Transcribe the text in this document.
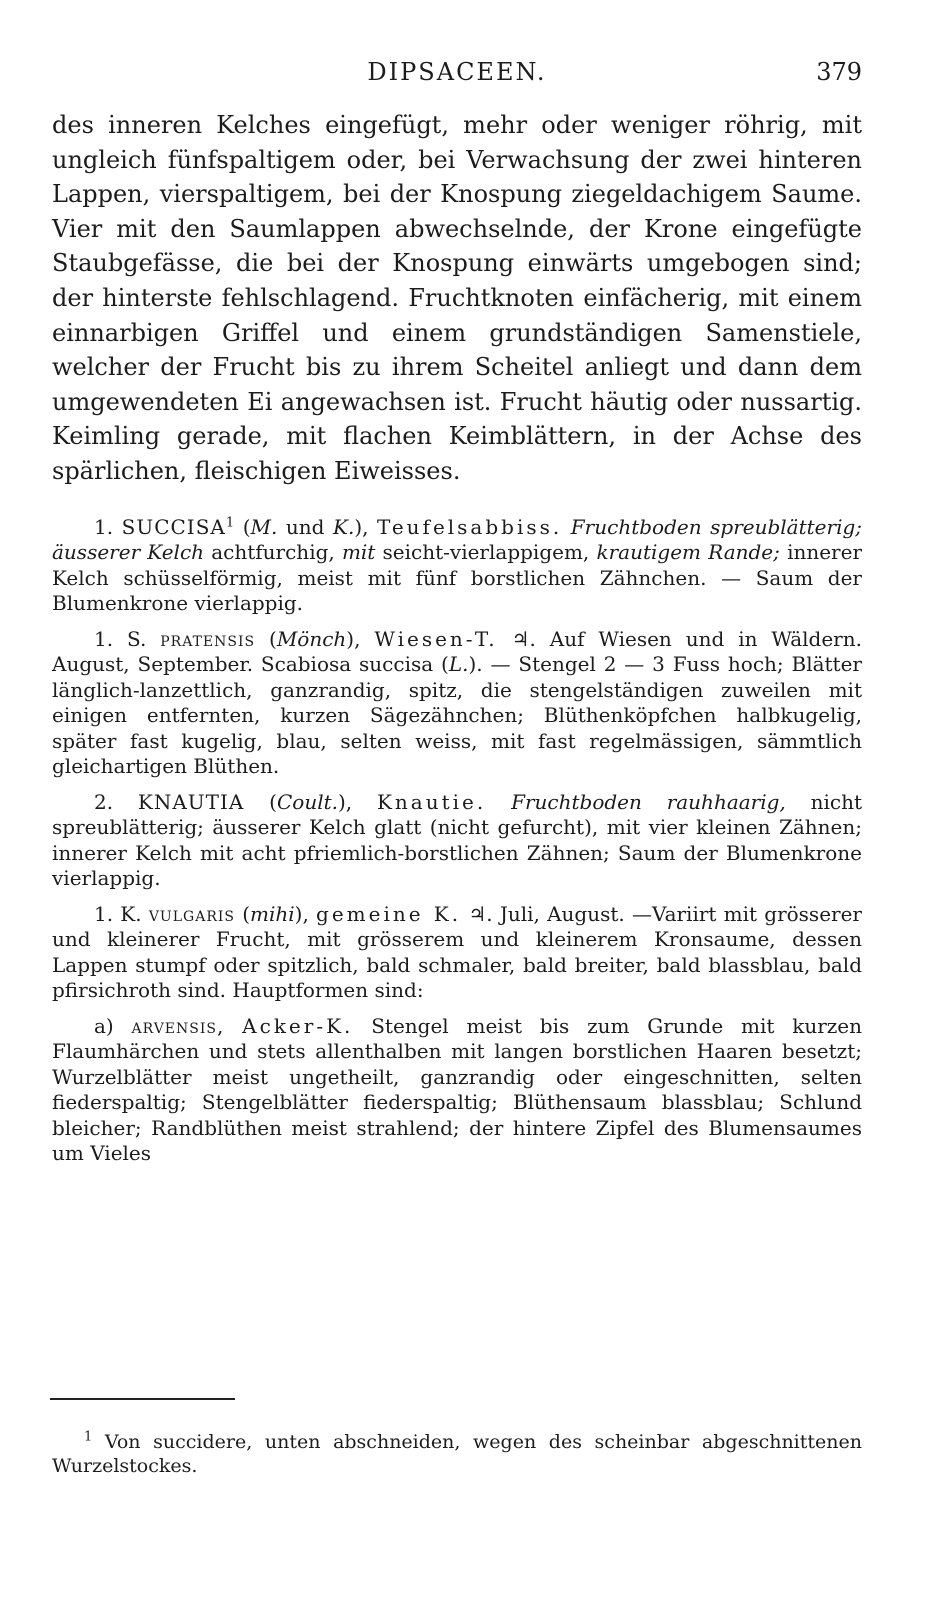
DIPSACEEN.	379

des inneren Kelches eingefügt, mehr oder weniger röhrig, mit ungleich fünfspaltigem oder, bei Verwachsung der zwei hinteren Lappen, vierspaltigem, bei der Knospung ziegeldachigem Saume. Vier mit den Saumlappen abwechselnde, der Krone eingefügte Staubgefässe, die bei der Knospung einwärts umgebogen sind; der hinterste fehlschlagend. Fruchtknoten einfächerig, mit einem einnarbigen Griffel und einem grundständigen Samenstiele, welcher der Frucht bis zu ihrem Scheitel anliegt und dann dem umgewendeten Ei angewachsen ist. Frucht häutig oder nussartig. Keimling gerade, mit flachen Keimblättern, in der Achse des spärlichen, fleischigen Eiweisses.

1. SUCCISA$^1$ (M. und K.), Teufelsabbiss. Fruchtboden spreublätterig; äusserer Kelch achtfurchig, mit seicht-vierlappigem, krautigem Rande; innerer Kelch schüsselförmig, meist mit fünf borstlichen Zähnchen. — Saum der Blumenkrone vierlappig.

1. S. pratensis (Mönch), Wiesen-T. ♃. Auf Wiesen und in Wäldern. August, September. Scabiosa succisa (L.). — Stengel 2 — 3 Fuss hoch; Blätter länglich-lanzettlich, ganzrandig, spitz, die stengelständigen zuweilen mit einigen entfernten, kurzen Sägezähnchen; Blüthenköpfchen halbkugelig, später fast kugelig, blau, selten weiss, mit fast regelmässigen, sämmtlich gleichartigen Blüthen.

2. KNAUTIA (Coult.), Knautie. Fruchtboden rauhhaarig, nicht spreublätterig; äusserer Kelch glatt (nicht gefurcht), mit vier kleinen Zähnen; innerer Kelch mit acht pfriemlich-borstlichen Zähnen; Saum der Blumenkrone vierlappig.

1. K. vulgaris (mihi), gemeine K. ♃. Juli, August. —Variirt mit grösserer und kleinerer Frucht, mit grösserem und kleinerem Kronsaume, dessen Lappen stumpf oder spitzlich, bald schmaler, bald breiter, bald blassblau, bald pfirsichroth sind. Hauptformen sind:

a) arvensis, Acker-K. Stengel meist bis zum Grunde mit kurzen Flaumhärchen und stets allenthalben mit langen borstlichen Haaren besetzt; Wurzelblätter meist ungetheilt, ganzrandig oder eingeschnitten, selten fiederspaltig; Stengelblätter fiederspaltig; Blüthensaum blassblau; Schlund bleicher; Randblüthen meist strahlend; der hintere Zipfel des Blumensaumes um Vieles

$^1$ Von succidere, unten abschneiden, wegen des scheinbar abgeschnittenen Wurzelstockes.
